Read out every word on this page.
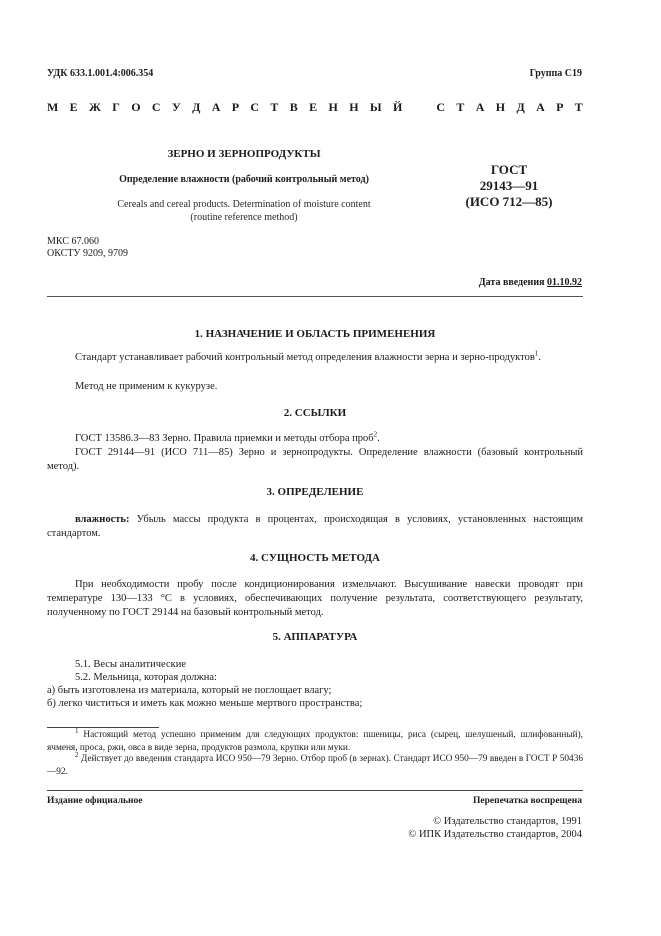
УДК 633.1.001.4:006.354	Группа С19
М Е Ж Г О С У Д А Р С Т В Е Н Н Ы Й	С Т А Н Д А Р Т
ЗЕРНО И ЗЕРНОПРОДУКТЫ
Определение влажности (рабочий контрольный метод)
Cereals and cereal products. Determination of moisture content
(routine reference method)
ГОСТ
29143—91
(ИСО 712—85)
МКС 67.060
ОКСТУ 9209, 9709
Дата введения 01.10.92
1. НАЗНАЧЕНИЕ И ОБЛАСТЬ ПРИМЕНЕНИЯ
Стандарт устанавливает рабочий контрольный метод определения влажности зерна и зерно-продуктов$^1$.
Метод не применим к кукурузе.
2. ССЫЛКИ
ГОСТ 13586.3—83 Зерно. Правила приемки и методы отбора проб$^2$.
ГОСТ 29144—91 (ИСО 711—85) Зерно и зернопродукты. Определение влажности (базовый контрольный метод).
3. ОПРЕДЕЛЕНИЕ
влажность: Убыль массы продукта в процентах, происходящая в условиях, установленных настоящим стандартом.
4. СУЩНОСТЬ МЕТОДА
При необходимости пробу после кондиционирования измельчают. Высушивание навески проводят при температуре 130—133 °С в условиях, обеспечивающих получение результата, соответствующего результату, полученному по ГОСТ 29144 на базовый контрольный метод.
5. АППАРАТУРА
5.1. Весы аналитические
5.2. Мельница, которая должна:
а) быть изготовлена из материала, который не поглощает влагу;
б) легко чиститься и иметь как можно меньше мертвого пространства;
$^1$ Настоящий метод успешно применим для следующих продуктов: пшеницы, риса (сырец, шелушеный, шлифованный), ячменя, проса, ржи, овса в виде зерна, продуктов размола, крупки или муки.
$^2$ Действует до введения стандарта ИСО 950—79 Зерно. Отбор проб (в зернах). Стандарт ИСО 950—79 введен в ГОСТ Р 50436—92.
Издание официальное	Перепечатка воспрещена
© Издательство стандартов, 1991
© ИПК Издательство стандартов, 2004
